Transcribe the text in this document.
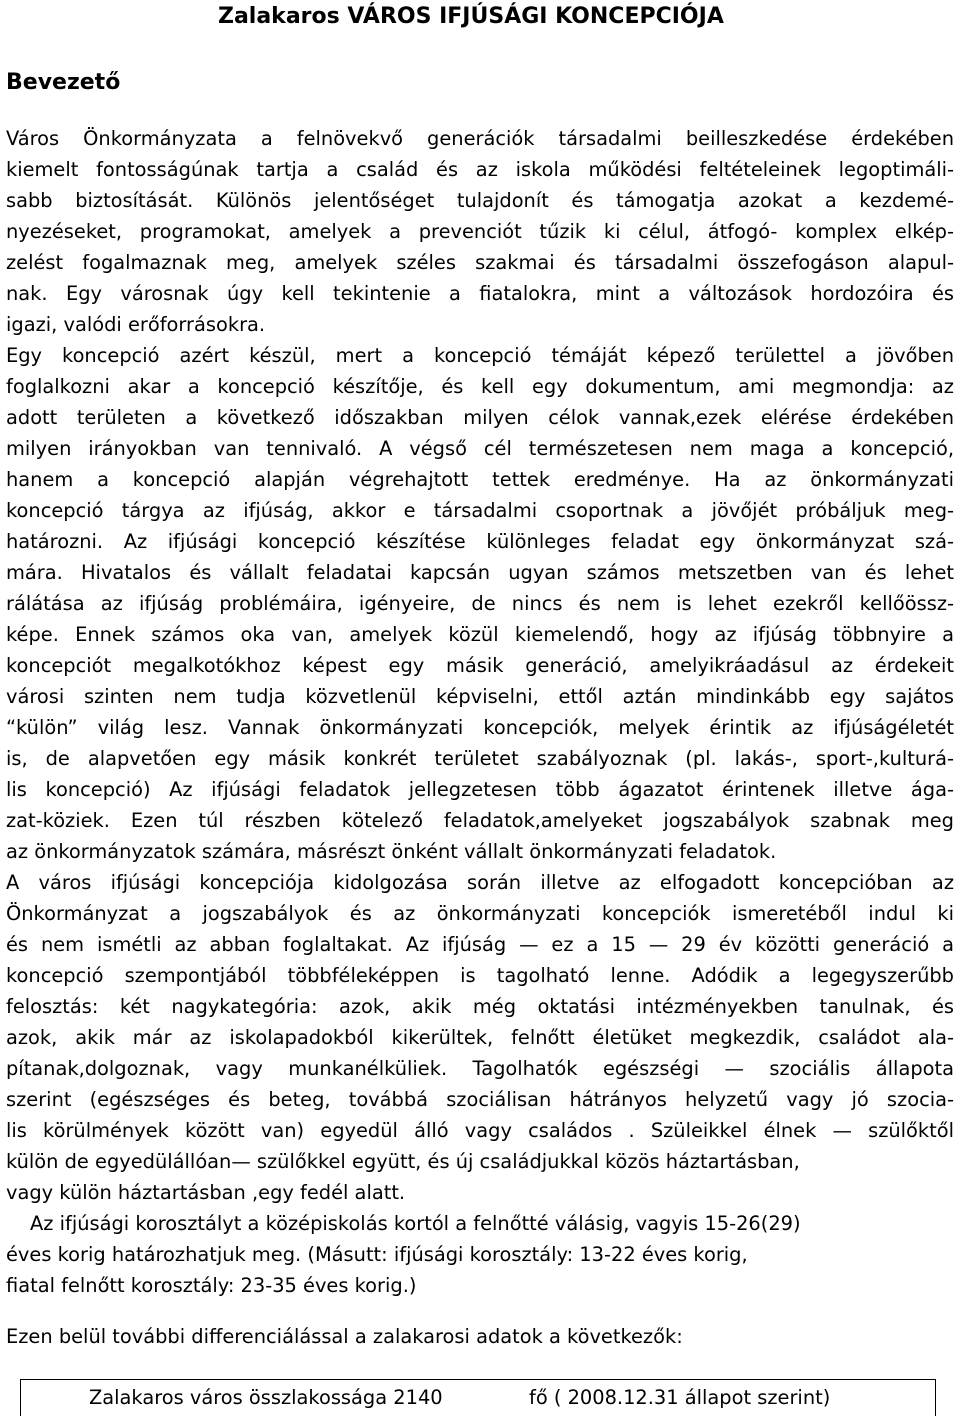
Zalakaros VÁROS IFJÚSÁGI KONCEPCIÓJA
Bevezető
Város Önkormányzata a felnövekvő generációk társadalmi beilleszkedése érdekében
kiemelt fontosságúnak tartja a család és az iskola működési feltételeinek legoptimáli-
sabb biztosítását. Különös jelentőséget tulajdonít és támogatja azokat a kezdemé-
nyezéseket, programokat, amelyek a prevenciót tűzik ki célul, átfogó- komplex elkép-
zelést fogalmaznak meg, amelyek széles szakmai és társadalmi összefogáson alapul-
nak. Egy városnak úgy kell tekintenie a fiatalokra, mint a változások hordozóira és
igazi, valódi erőforrásokra.
Egy koncepció azért készül, mert a koncepció témáját képező területtel a jövőben
foglalkozni akar a koncepció készítője, és kell egy dokumentum, ami megmondja: az
adott területen a következő időszakban milyen célok vannak,ezek elérése érdekében
milyen irányokban van tennivaló. A végső cél természetesen nem maga a koncepció,
hanem a koncepció alapján végrehajtott tettek eredménye. Ha az önkormányzati
koncepció tárgya az ifjúság, akkor e társadalmi csoportnak a jövőjét próbáljuk meg-
határozni. Az ifjúsági koncepció készítése különleges feladat egy önkormányzat szá-
mára. Hivatalos és vállalt feladatai kapcsán ugyan számos metszetben van és lehet
rálátása az ifjúság problémáira, igényeire, de nincs és nem is lehet ezekről kellőössz-
képe. Ennek számos oka van, amelyek közül kiemelendő, hogy az ifjúság többnyire a
koncepciót megalkotókhoz képest egy másik generáció, amelyikráadásul az érdekeit
városi szinten nem tudja közvetlenül képviselni, ettől aztán mindinkább egy sajátos
“külön” világ lesz. Vannak önkormányzati koncepciók, melyek érintik az ifjúságéletét
is, de alapvetően egy másik konkrét területet szabályoznak (pl. lakás-, sport-,kulturá-
lis koncepció) Az ifjúsági feladatok jellegzetesen több ágazatot érintenek illetve ága-
zat-köziek. Ezen túl részben kötelező feladatok,amelyeket jogszabályok szabnak meg
az önkormányzatok számára, másrészt önként vállalt önkormányzati feladatok.
A város ifjúsági koncepciója kidolgozása során illetve az elfogadott koncepcióban az
Önkormányzat a jogszabályok és az önkormányzati koncepciók ismeretéből indul ki
és nem ismétli az abban foglaltakat. Az ifjúság — ez a 15 — 29 év közötti generáció a
koncepció szempontjából többféleképpen is tagolható lenne. Adódik a legegyszerűbb
felosztás: két nagykategória: azok, akik még oktatási intézményekben tanulnak, és
azok, akik már az iskolapadokból kikerültek, felnőtt életüket megkezdik, családot ala-
pítanak,dolgoznak, vagy munkanélküliek. Tagolhatók egészségi — szociális állapota
szerint (egészséges és beteg, továbbá szociálisan hátrányos helyzetű vagy jó szocia-
lis körülmények között van) egyedül álló vagy családos . Szüleikkel élnek — szülőktől
külön de egyedülállóan— szülőkkel együtt, és új családjukkal közös háztartásban,
vagy külön háztartásban ,egy fedél alatt.
Az ifjúsági korosztályt a középiskolás kortól a felnőtté válásig, vagyis 15-26(29)
éves korig határozhatjuk meg. (Másutt: ifjúsági korosztály: 13-22 éves korig,
fiatal felnőtt korosztály: 23-35 éves korig.)
Ezen belül további differenciálással a zalakarosi adatok a következők:
Zalakaros város összlakossága 2140	fő ( 2008.12.31 állapot szerint)
